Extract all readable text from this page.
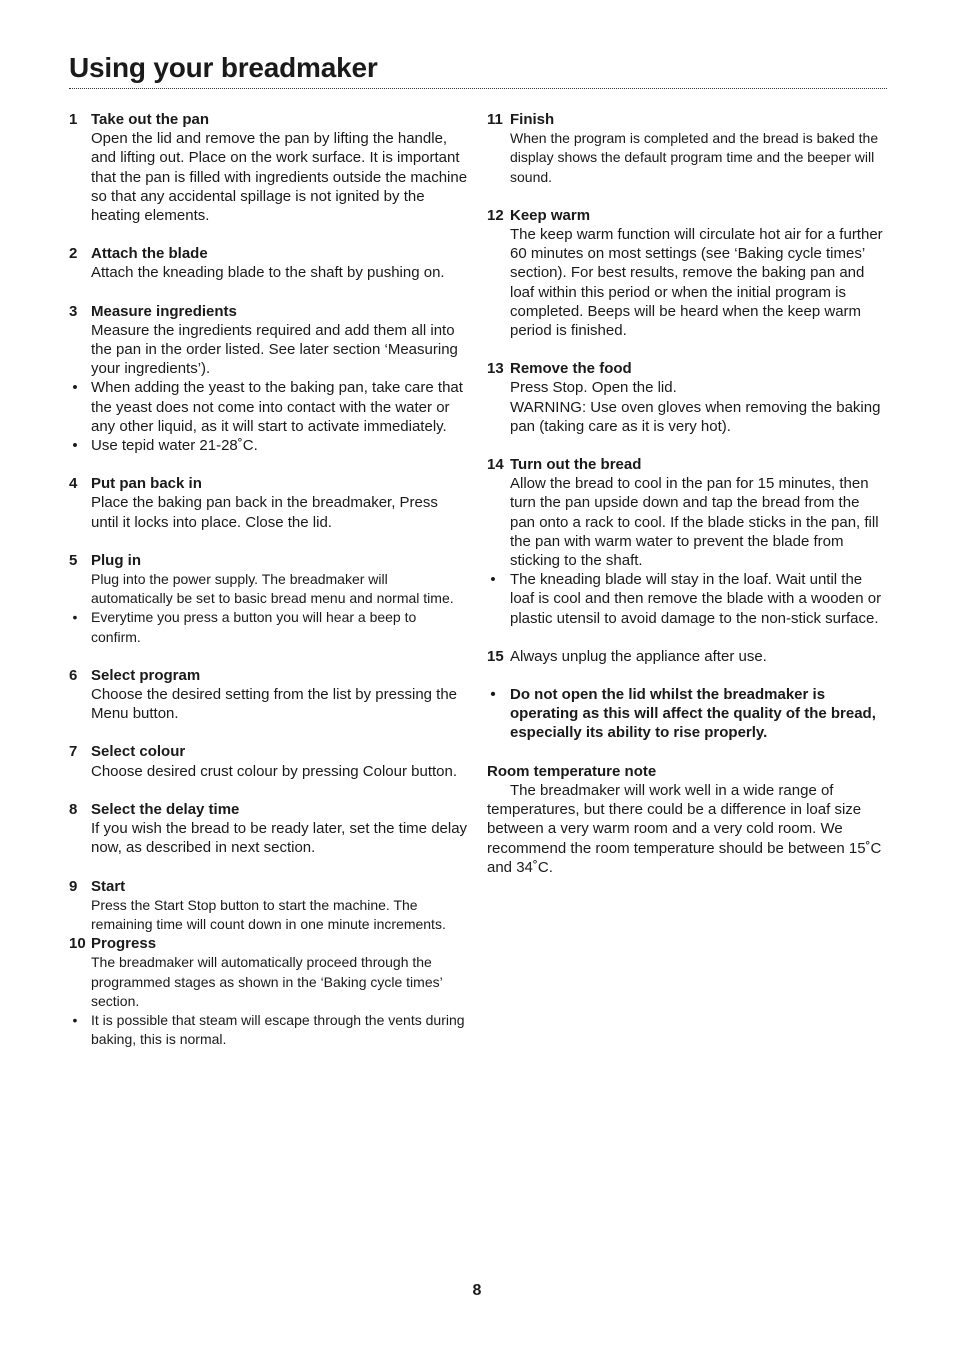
Using your breadmaker
1 Take out the pan

Open the lid and remove the pan by lifting the handle, and lifting out. Place on the work surface. It is important that the pan is filled with ingredients outside the machine so that any accidental spillage is not ignited by the heating elements.

2 Attach the blade

Attach the kneading blade to the shaft by pushing on.

3 Measure ingredients

Measure the ingredients required and add them all into the pan in the order listed. See later section ‘Measuring your ingredients’).

• When adding the yeast to the baking pan, take care that the yeast does not come into contact with the water or any other liquid, as it will start to activate immediately.
• Use tepid water 21-28˚C.
4 Put pan back in

Place the baking pan back in the breadmaker, Press until it locks into place. Close the lid.

5 Plug in

Plug into the power supply. The breadmaker will automatically be set to basic bread menu and normal time.

• Everytime you press a button you will hear a beep to confirm.
6 Select program

Choose the desired setting from the list by pressing the Menu button.

7 Select colour

Choose desired crust colour by pressing Colour button.

8 Select the delay time

If you wish the bread to be ready later, set the time delay now, as described in next section.

9 Start

Press the Start Stop button to start the machine. The remaining time will count down in one minute increments.

10 Progress

The breadmaker will automatically proceed through the programmed stages as shown in the ‘Baking cycle times’ section.

• It is possible that steam will escape through the vents during baking, this is normal.
11 Finish

When the program is completed and the bread is baked the display shows the default program time and the beeper will sound.

12 Keep warm

The keep warm function will circulate hot air for a further 60 minutes on most settings (see ‘Baking cycle times’ section). For best results, remove the baking pan and loaf within this period or when the initial program is completed. Beeps will be heard when the keep warm period is finished.

13 Remove the food

Press Stop. Open the lid.

WARNING: Use oven gloves when removing the baking pan (taking care as it is very hot).

14 Turn out the bread

Allow the bread to cool in the pan for 15 minutes, then turn the pan upside down and tap the bread from the pan onto a rack to cool. If the blade sticks in the pan, fill the pan with warm water to prevent the blade from sticking to the shaft.

• The kneading blade will stay in the loaf. Wait until the loaf is cool and then remove the blade with a wooden or plastic utensil to avoid damage to the non-stick surface.

15 Always unplug the appliance after use.

• Do not open the lid whilst the breadmaker is operating as this will affect the quality of the bread, especially its ability to rise properly.
Room temperature note

The breadmaker will work well in a wide range of temperatures, but there could be a difference in loaf size between a very warm room and a very cold room. We recommend the room temperature should be between 15˚C and 34˚C.

8
